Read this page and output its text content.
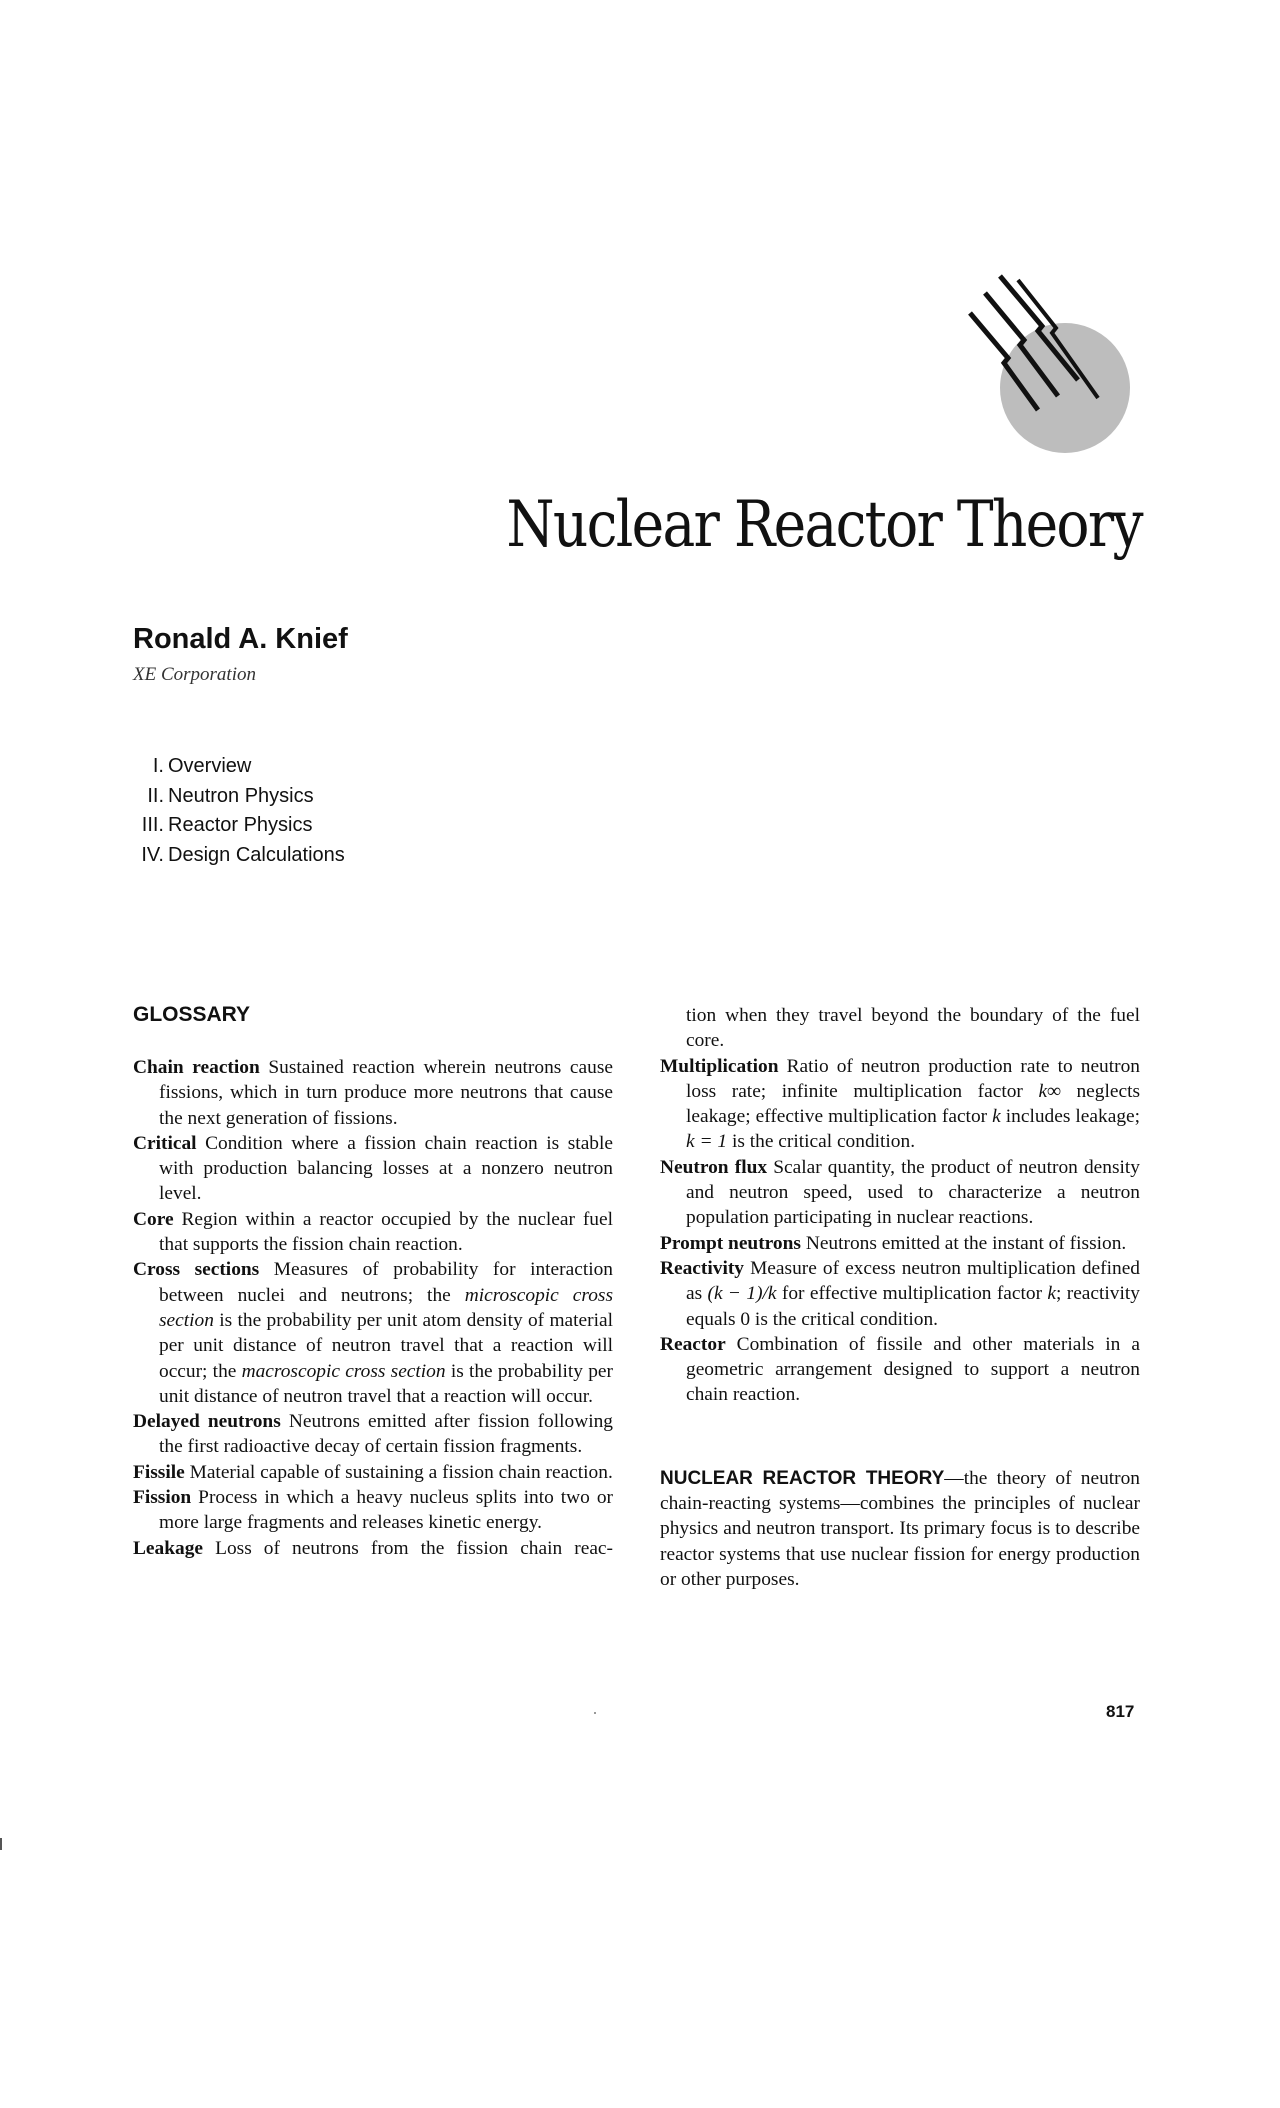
Nuclear Reactor Theory

Ronald A. Knief

XE Corporation

I. Overview
II. Neutron Physics
III. Reactor Physics
IV. Design Calculations
GLOSSARY

Chain reaction Sustained reaction wherein neutrons cause fissions, which in turn produce more neutrons that cause the next generation of fissions.

Critical Condition where a fission chain reaction is stable with production balancing losses at a nonzero neutron level.

Core Region within a reactor occupied by the nuclear fuel that supports the fission chain reaction.

Cross sections Measures of probability for interaction between nuclei and neutrons; the microscopic cross section is the probability per unit atom density of material per unit distance of neutron travel that a reaction will occur; the macroscopic cross section is the probability per unit distance of neutron travel that a reaction will occur.

Delayed neutrons Neutrons emitted after fission following the first radioactive decay of certain fission fragments.

Fissile Material capable of sustaining a fission chain reaction.

Fission Process in which a heavy nucleus splits into two or more large fragments and releases kinetic energy.

Leakage Loss of neutrons from the fission chain reac-

tion when they travel beyond the boundary of the fuel core.

Multiplication Ratio of neutron production rate to neutron loss rate; infinite multiplication factor k∞ neglects leakage; effective multiplication factor k includes leakage; k = 1 is the critical condition.

Neutron flux Scalar quantity, the product of neutron density and neutron speed, used to characterize a neutron population participating in nuclear reactions.

Prompt neutrons Neutrons emitted at the instant of fission.

Reactivity Measure of excess neutron multiplication defined as (k − 1)/k for effective multiplication factor k; reactivity equals 0 is the critical condition.

Reactor Combination of fissile and other materials in a geometric arrangement designed to support a neutron chain reaction.

NUCLEAR REACTOR THEORY—the theory of neutron chain-reacting systems—combines the principles of nuclear physics and neutron transport. Its primary focus is to describe reactor systems that use nuclear fission for energy production or other purposes.

817
